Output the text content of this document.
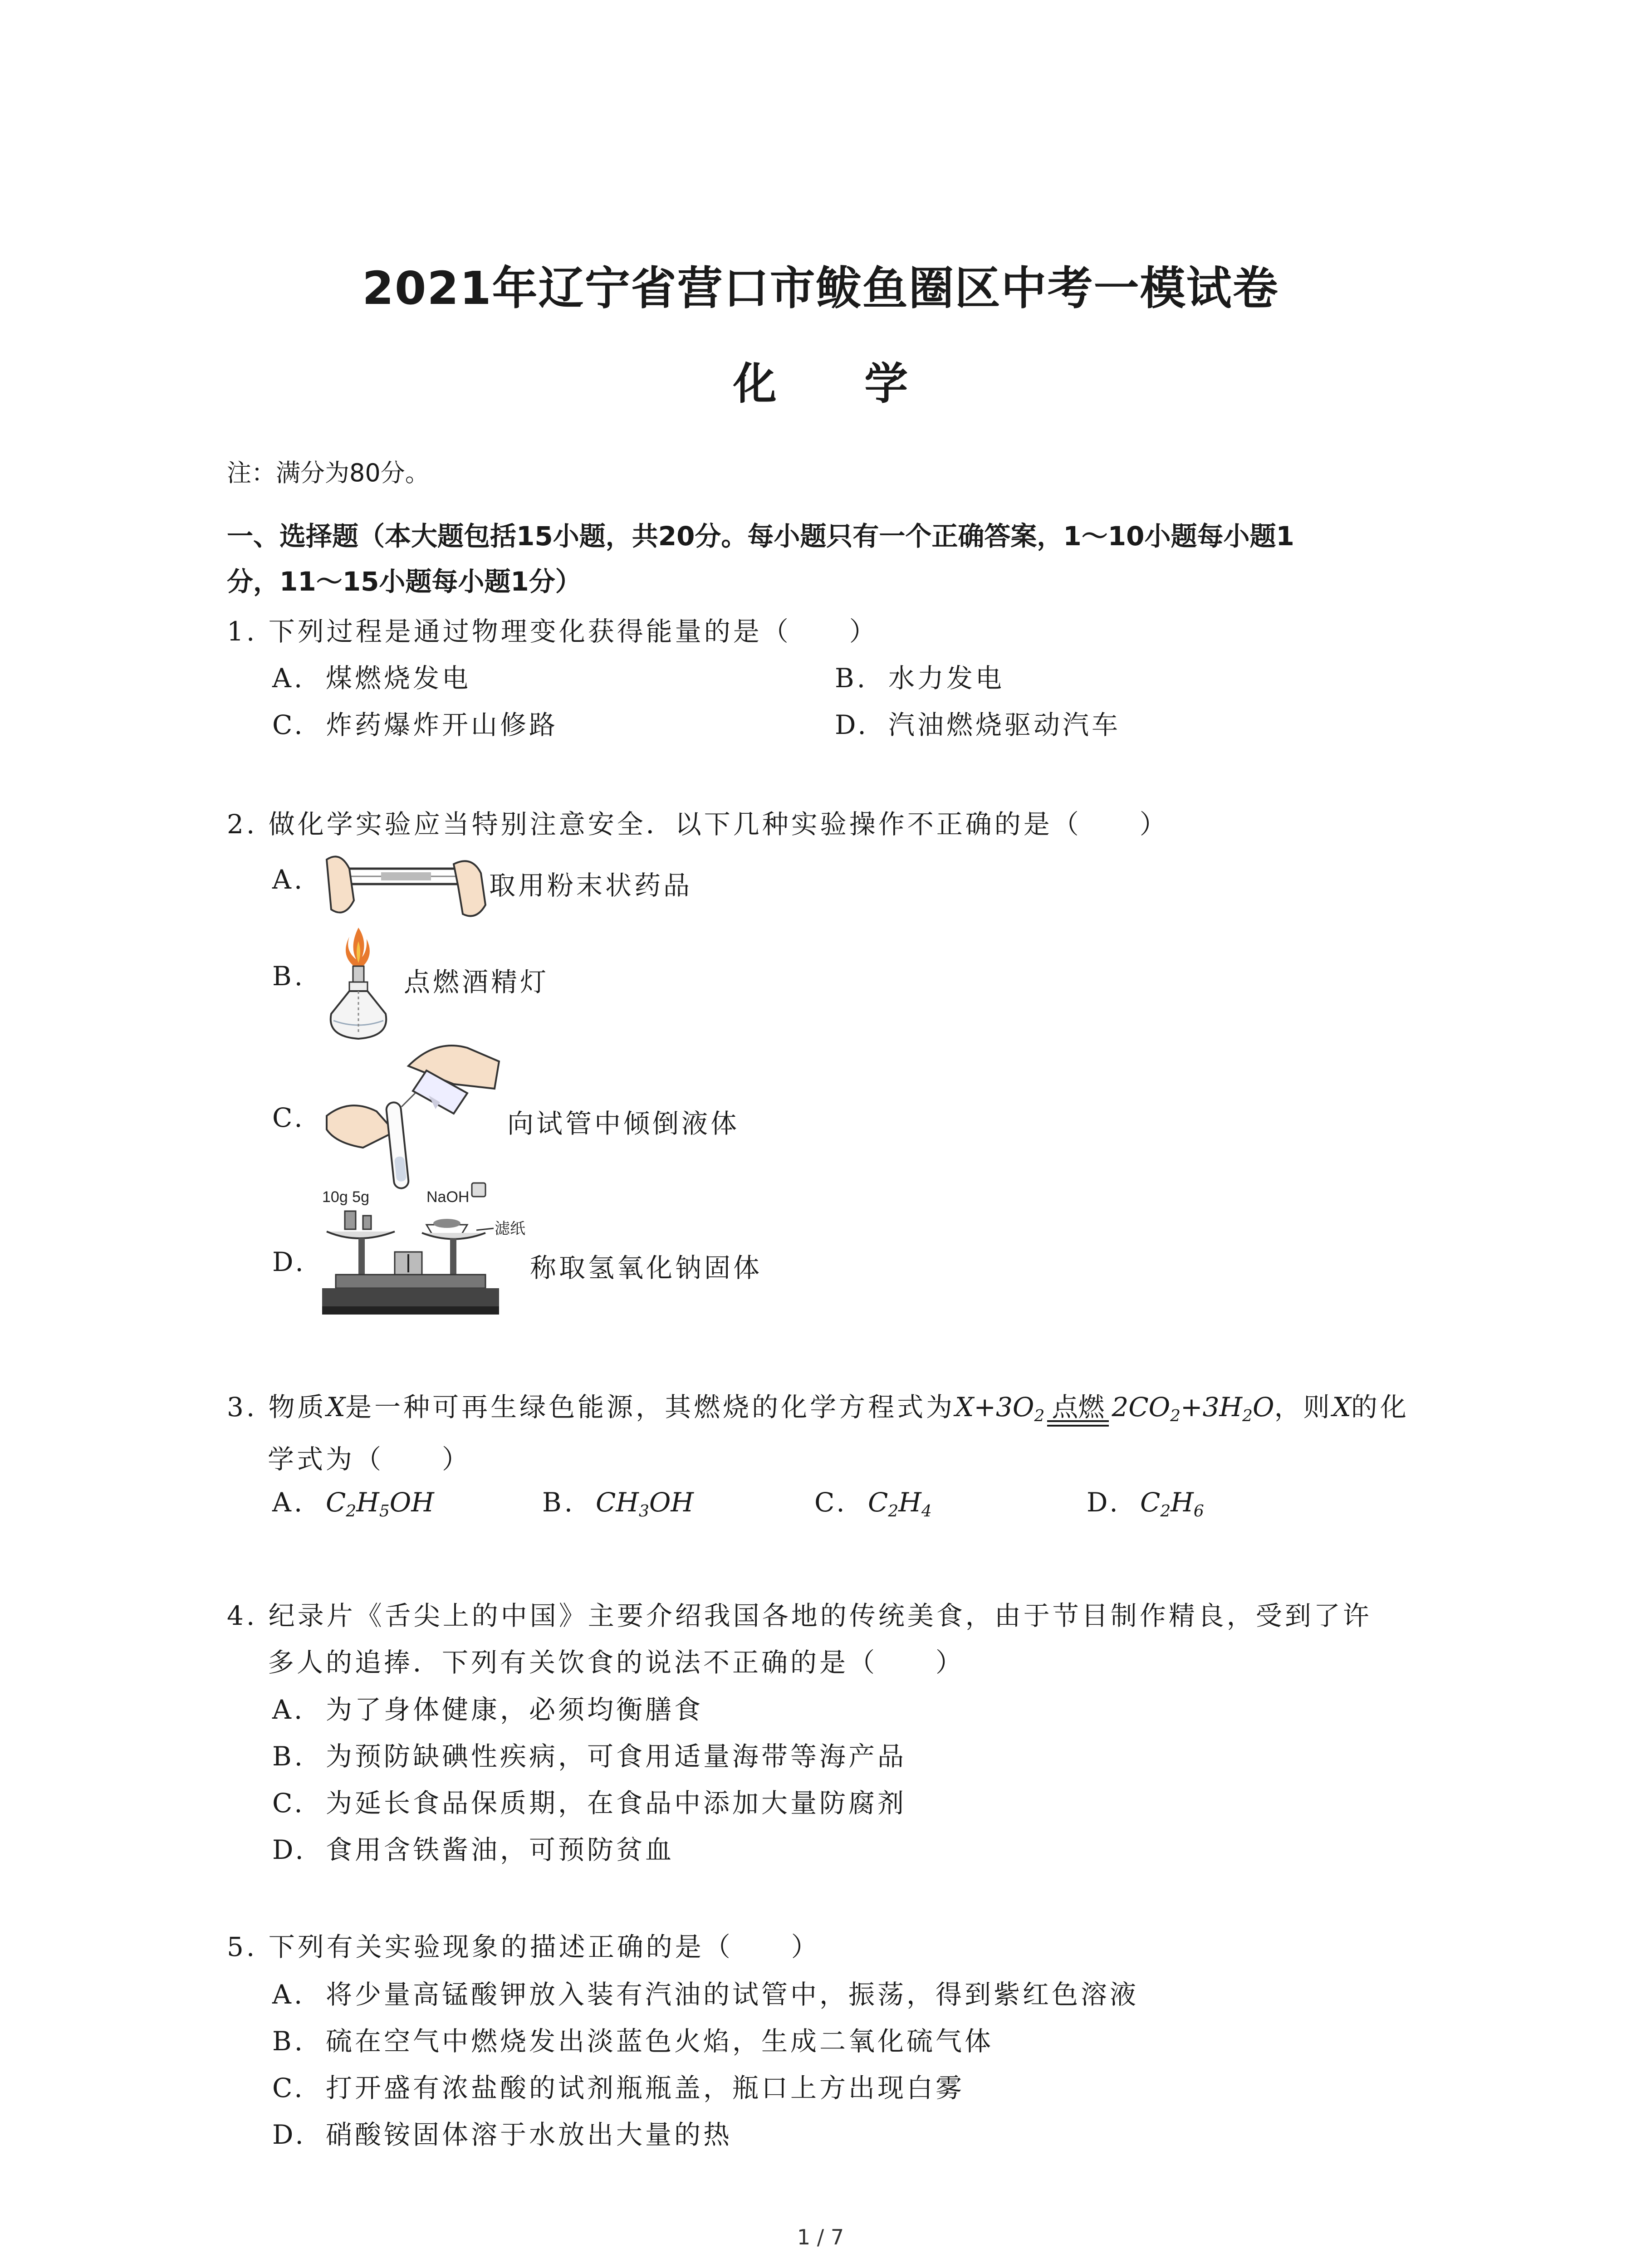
2021年辽宁省营口市鲅鱼圈区中考一模试卷
化 学
注：满分为80分。
一、选择题（本大题包括15小题，共20分。每小题只有一个正确答案，1～10小题每小题1
分，11～15小题每小题1分）
1. 下列过程是通过物理变化获得能量的是（　　）
A. 煤燃烧发电	B. 水力发电
C. 炸药爆炸开山修路	D. 汽油燃烧驱动汽车
2. 做化学实验应当特别注意安全．以下几种实验操作不正确的是（　　）
A.	取用粉末状药品
B.	点燃酒精灯
C.	向试管中倾倒液体
D.
10g 5g	NaOH
滤纸
称取氢氧化钠固体
3. 物质X是一种可再生绿色能源，其燃烧的化学方程式为$X+3O_2$ 点燃 $2CO_2+3H_2O$，则X的化
学式为（　　）
A. $C_2H_5OH$	B. $CH_3OH$	C. $C_2H_4$	D. $C_2H_6$
4. 纪录片《舌尖上的中国》主要介绍我国各地的传统美食，由于节目制作精良，受到了许
多人的追捧．下列有关饮食的说法不正确的是（　　）
A. 为了身体健康，必须均衡膳食
B. 为预防缺碘性疾病，可食用适量海带等海产品
C. 为延长食品保质期，在食品中添加大量防腐剂
D. 食用含铁酱油，可预防贫血
5. 下列有关实验现象的描述正确的是（　　）
A. 将少量高锰酸钾放入装有汽油的试管中，振荡，得到紫红色溶液
B. 硫在空气中燃烧发出淡蓝色火焰，生成二氧化硫气体
C. 打开盛有浓盐酸的试剂瓶瓶盖，瓶口上方出现白雾
D. 硝酸铵固体溶于水放出大量的热
1 / 7
